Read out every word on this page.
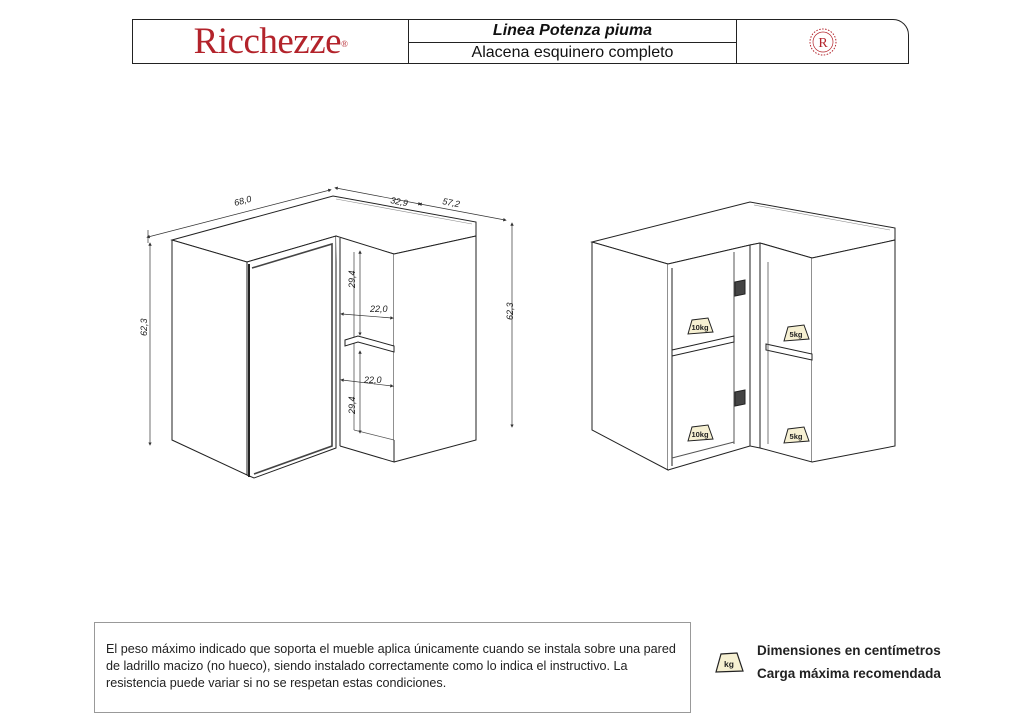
Ricchezze®
Linea Potenza piuma
Alacena esquinero completo
R
68,0	32,9	57,2
62,3
62,3
29,4
29,4
22,0
22,0
10kg
10kg
5kg
5kg
El peso máximo indicado que soporta el mueble aplica únicamente cuando se instala sobre una pared de ladrillo macizo (no hueco), siendo instalado correctamente como lo indica el instructivo. La resistencia puede variar si no se respetan estas condiciones.
kg
Dimensiones en centímetros
Carga máxima recomendada
